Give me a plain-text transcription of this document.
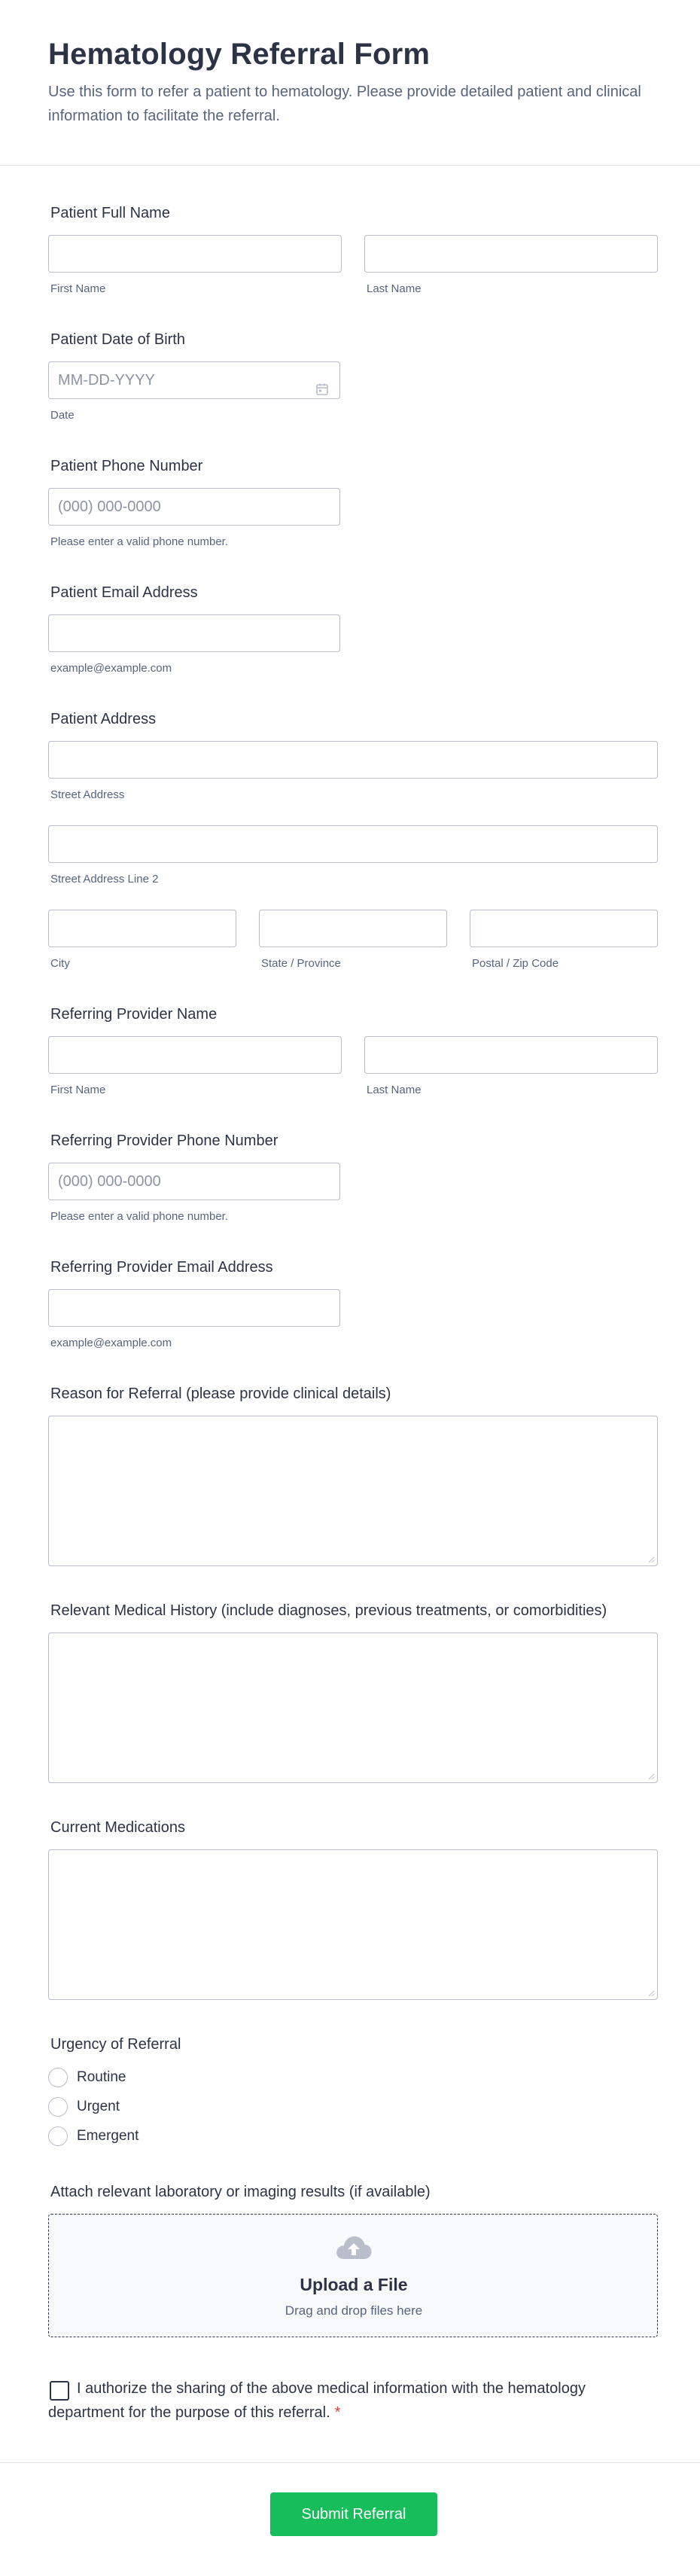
Hematology Referral Form

Use this form to refer a patient to hematology. Please provide detailed patient and clinical information to facilitate the referral.

Patient Full Name
First Name	Last Name
Patient Date of Birth
MM-DD-YYYY
Date
Patient Phone Number
(000) 000-0000
Please enter a valid phone number.
Patient Email Address
example@example.com
Patient Address
Street Address
Street Address Line 2
City	State / Province	Postal / Zip Code
Referring Provider Name
First Name	Last Name
Referring Provider Phone Number
(000) 000-0000
Please enter a valid phone number.
Referring Provider Email Address
example@example.com
Reason for Referral (please provide clinical details)
Relevant Medical History (include diagnoses, previous treatments, or comorbidities)
Current Medications
Urgency of Referral
Routine
Urgent
Emergent
Attach relevant laboratory or imaging results (if available)
Upload a File
Drag and drop files here
I authorize the sharing of the above medical information with the hematology department for the purpose of this referral. *
Submit Referral
